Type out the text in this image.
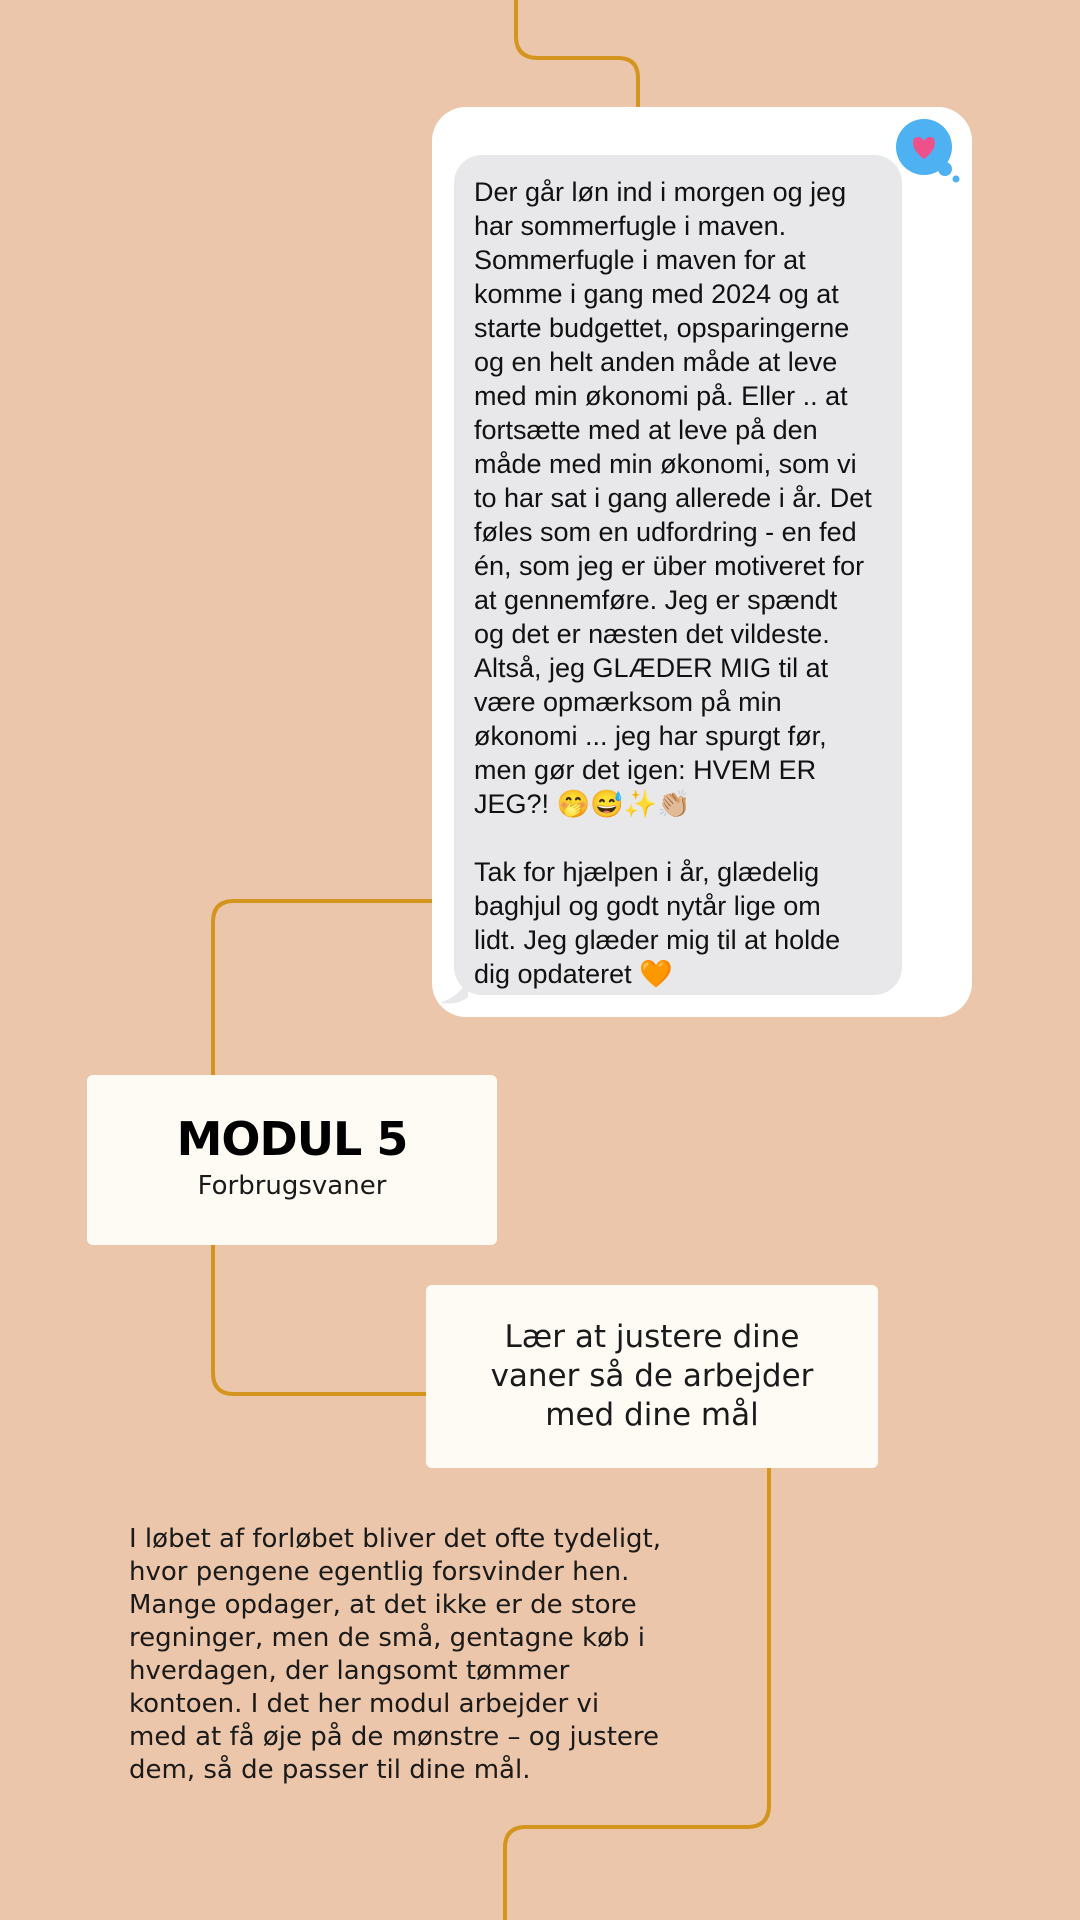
Der går løn ind i morgen og jeg
har sommerfugle i maven.
Sommerfugle i maven for at
komme i gang med 2024 og at
starte budgettet, opsparingerne
og en helt anden måde at leve
med min økonomi på. Eller .. at
fortsætte med at leve på den
måde med min økonomi, som vi
to har sat i gang allerede i år. Det
føles som en udfordring - en fed
én, som jeg er über motiveret for
at gennemføre. Jeg er spændt
og det er næsten det vildeste.
Altså, jeg GLÆDER MIG til at
være opmærksom på min
økonomi ... jeg har spurgt før,
men gør det igen: HVEM ER
JEG?! 🤭😅✨👏🏼

Tak for hjælpen i år, glædelig
baghjul og godt nytår lige om
lidt. Jeg glæder mig til at holde
dig opdateret 🧡

MODUL 5
Forbrugsvaner
Lær at justere dine
vaner så de arbejder
med dine mål

I løbet af forløbet bliver det ofte tydeligt,
hvor pengene egentlig forsvinder hen.
Mange opdager, at det ikke er de store
regninger, men de små, gentagne køb i
hverdagen, der langsomt tømmer
kontoen. I det her modul arbejder vi
med at få øje på de mønstre – og justere
dem, så de passer til dine mål.
